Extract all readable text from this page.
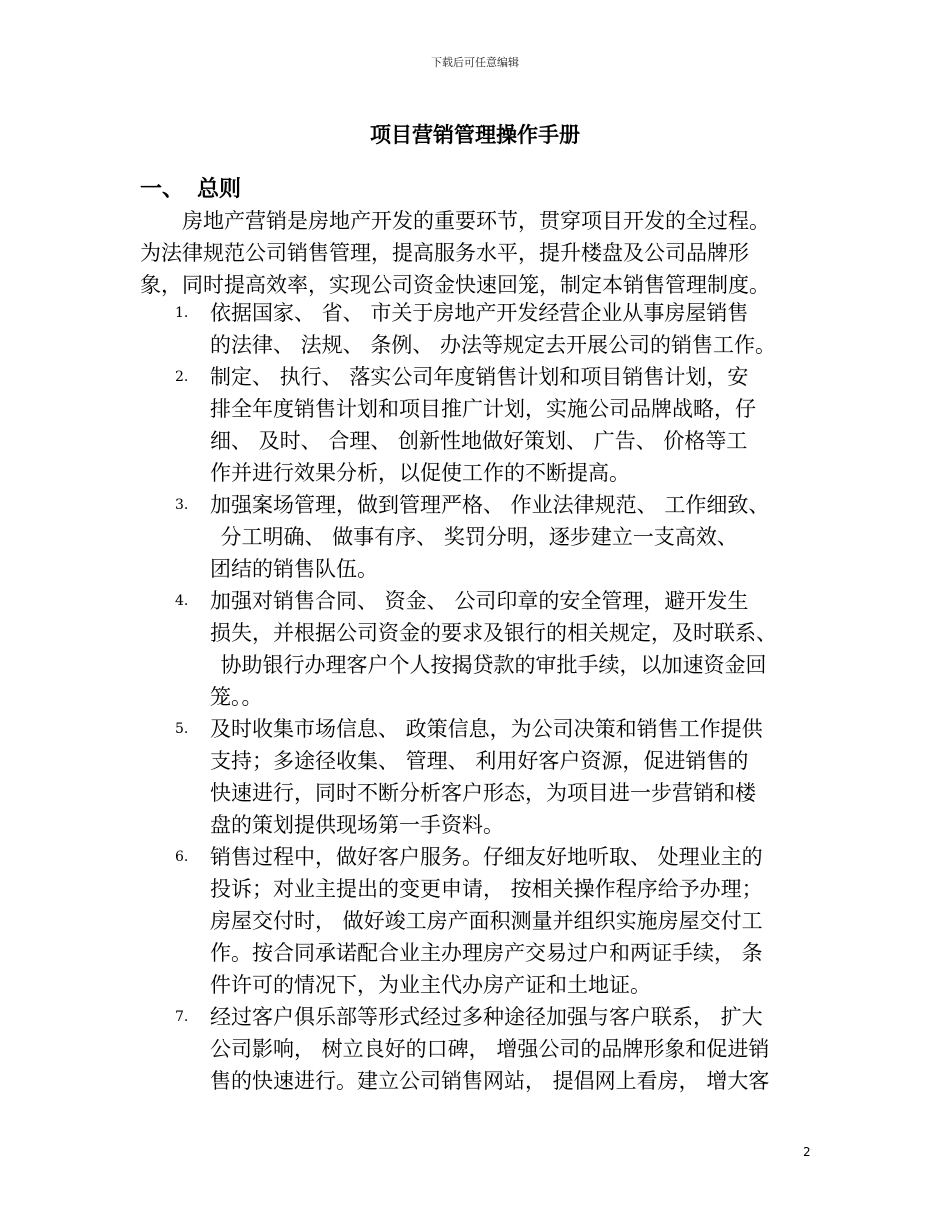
下载后可任意编辑
项目营销管理操作手册
一、 总则
　　房地产营销是房地产开发的重要环节，贯穿项目开发的全过程。
为法律规范公司销售管理，提高服务水平，提升楼盘及公司品牌形
象，同时提高效率，实现公司资金快速回笼，制定本销售管理制度。
1. 依据国家、 省、 市关于房地产开发经营企业从事房屋销售
的法律、 法规、 条例、 办法等规定去开展公司的销售工作。
2. 制定、 执行、 落实公司年度销售计划和项目销售计划，安
排全年度销售计划和项目推广计划，实施公司品牌战略，仔
细、 及时、 合理、 创新性地做好策划、 广告、 价格等工
作并进行效果分析，以促使工作的不断提高。
3. 加强案场管理，做到管理严格、 作业法律规范、 工作细致、
 分工明确、 做事有序、 奖罚分明，逐步建立一支高效、
团结的销售队伍。
4. 加强对销售合同、 资金、 公司印章的安全管理，避开发生
损失，并根据公司资金的要求及银行的相关规定，及时联系、
 协助银行办理客户个人按揭贷款的审批手续，以加速资金回
笼。。
5. 及时收集市场信息、 政策信息，为公司决策和销售工作提供
支持；多途径收集、 管理、 利用好客户资源，促进销售的
快速进行，同时不断分析客户形态，为项目进一步营销和楼
盘的策划提供现场第一手资料。
6. 销售过程中，做好客户服务。仔细友好地听取、 处理业主的
投诉；对业主提出的变更申请， 按相关操作程序给予办理；
房屋交付时， 做好竣工房产面积测量并组织实施房屋交付工
作。按合同承诺配合业主办理房产交易过户和两证手续， 条
件许可的情况下，为业主代办房产证和土地证。
7. 经过客户俱乐部等形式经过多种途径加强与客户联系， 扩大
公司影响， 树立良好的口碑， 增强公司的品牌形象和促进销
售的快速进行。建立公司销售网站， 提倡网上看房， 增大客
2
